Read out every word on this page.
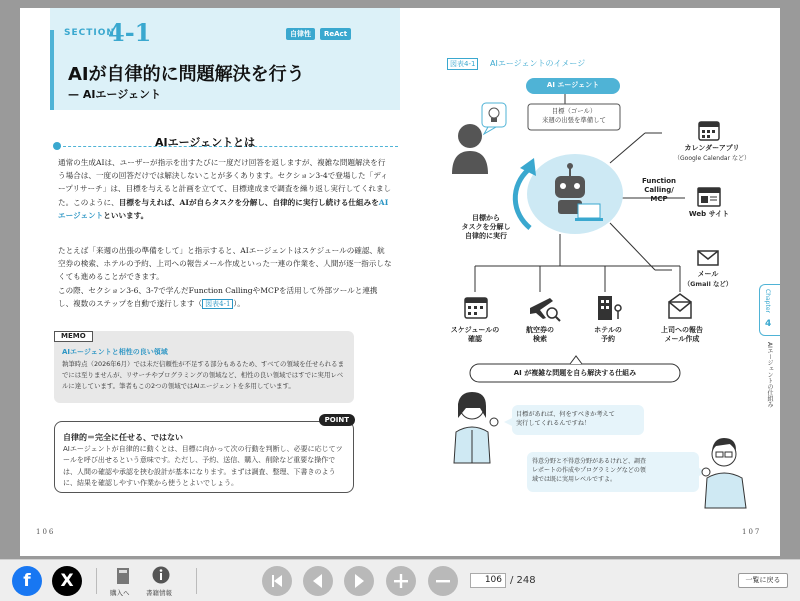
SECTION
4-1	自律性	ReAct
AIが自律的に問題解決を行う
— AIエージェント
AIエージェントとは
通常の生成AIは、ユーザーが指示を出すたびに一度だけ回答を返しますが、複雑な問題解決を行う場合は、一度の回答だけでは解決しないことが多くあります。セクション3-4で登場した「ディープリサーチ」は、目標を与えると計画を立てて、目標達成まで調査を繰り返し実行してくれました。このように、目標を与えれば、AIが自らタスクを分解し、自律的に実行し続ける仕組みをAIエージェントといいます。
たとえば「来週の出張の準備をして」と指示すると、AIエージェントはスケジュールの確認、航空券の検索、ホテルの予約、上司への報告メール作成といった一連の作業を、人間が逐一指示しなくても進めることができます。
この際、セクション3-6、3-7で学んだFunction CallingやMCPを活用して外部ツールと連携し、複数のステップを自動で遂行します（ 図表4-1 ）。
MEMO
AIエージェントと相性の良い領域
執筆時点（2026年6月）では未だ信頼性が不足する部分もあるため、すべての領域を任せられるまでには至りませんが、リサーチやプログラミングの領域など、相性の良い領域ではすでに実用レベルに達しています。筆者もこの2つの領域ではAIエージェントを多用しています。
POINT
自律的＝完全に任せる、ではない
AIエージェントが自律的に動くとは、目標に向かって次の行動を判断し、必要に応じてツールを呼び出せるという意味です。ただし、予約、送信、購入、削除など重要な操作では、人間の確認や承認を挟む設計が基本になります。まずは調査、整理、下書きのように、結果を確認しやすい作業から使うとよいでしょう。
106
図表4-1	AIエージェントのイメージ
AI エージェント
目標（ゴール）
来週の出張を準備して
目標から
タスクを分解し
自律的に実行
Function
Calling/
MCP
カレンダーアプリ
（Google Calendar など）
Web サイト
メール
（Gmail など）
スケジュールの
確認
航空券の
検索
ホテルの
予約
上司への報告
メール作成
AI が複雑な問題を自ら解決する仕組み
目標があれば、何をすべきか考えて
実行してくれるんですね！
得意分野と不得意分野があるけれど、調査
レポートの作成やプログラミングなどの領
域では既に実用レベルですよ。
Chapter
4
AIエージェントの仕組み
107
f	X
購入へ	書籍情報
106 / 248	一覧に戻る
